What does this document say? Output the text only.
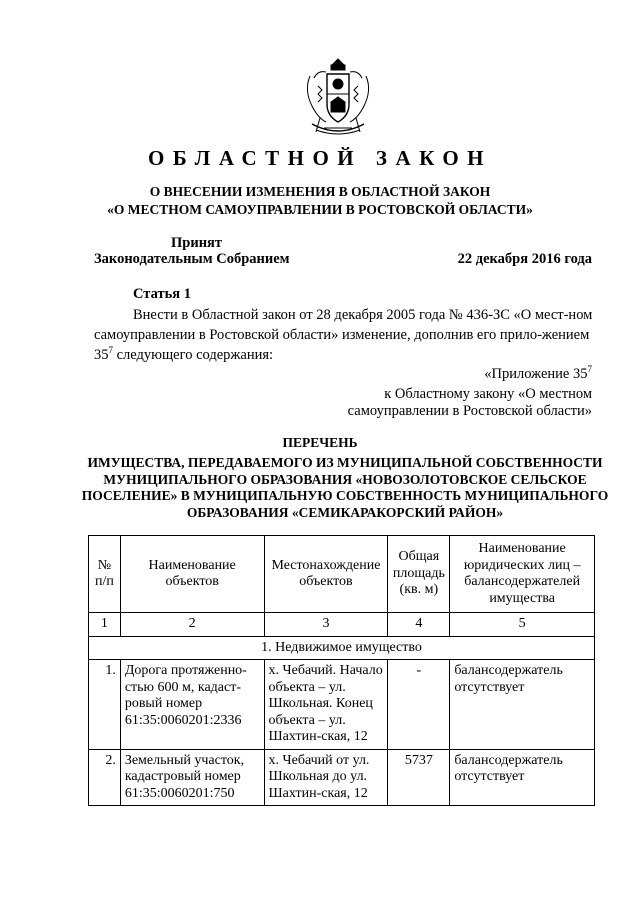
ОБЛАСТНОЙ ЗАКОН
О ВНЕСЕНИИ ИЗМЕНЕНИЯ В ОБЛАСТНОЙ ЗАКОН
«О МЕСТНОМ САМОУПРАВЛЕНИИ В РОСТОВСКОЙ ОБЛАСТИ»
Принят
Законодательным Собранием	22 декабря 2016 года
Статья 1
Внести в Областной закон от 28 декабря 2005 года № 436-ЗС «О мест-ном самоуправлении в Ростовской области» изменение, дополнив его прило-жением $35^7$ следующего содержания:
«Приложение $35^7$
к Областному закону «О местном
самоуправлении в Ростовской области»
ПЕРЕЧЕНЬ
ИМУЩЕСТВА, ПЕРЕДАВАЕМОГО ИЗ МУНИЦИПАЛЬНОЙ СОБСТВЕННОСТИ МУНИЦИПАЛЬНОГО ОБРАЗОВАНИЯ «НОВОЗОЛОТОВСКОЕ СЕЛЬСКОЕ ПОСЕЛЕНИЕ» В МУНИЦИПАЛЬНУЮ СОБСТВЕННОСТЬ МУНИЦИПАЛЬНОГО ОБРАЗОВАНИЯ «СЕМИКАРАКОРСКИЙ РАЙОН»
№ п/п	Наименование объектов	Местонахождение объектов	Общая площадь (кв. м)	Наименование юридических лиц – балансодержателей имущества
1	2	3	4	5
1. Недвижимое имущество				
1.	Дорога протяженно-стью 600 м, кадаст-ровый номер 61:35:0060201:2336	х. Чебачий. Начало объекта – ул. Школьная. Конец объекта – ул. Шахтин-ская, 12	-	балансодержатель отсутствует
2.	Земельный участок, кадастровый номер 61:35:0060201:750	х. Чебачий от ул. Школьная до ул. Шахтин-ская, 12	5737	балансодержатель отсутствует
